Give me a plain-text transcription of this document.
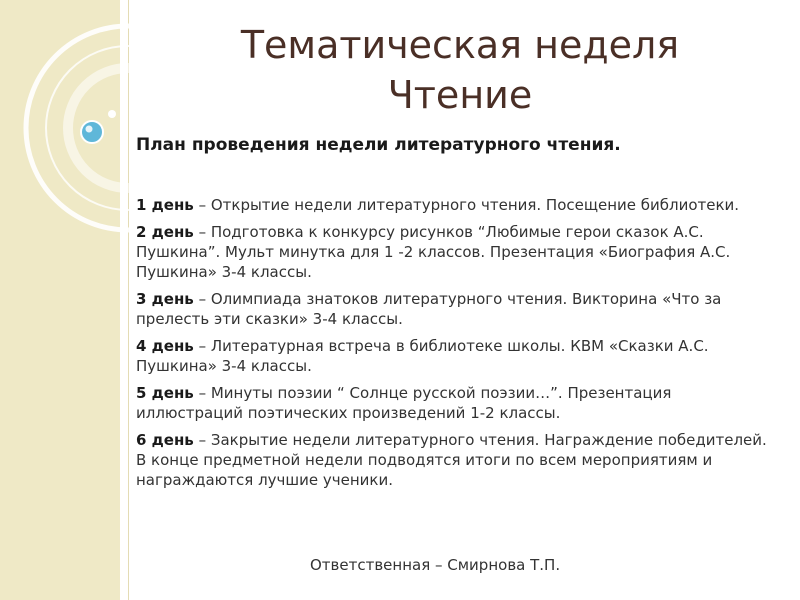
Тематическая неделя
Чтение
План проведения недели литературного чтения.
1 день – Открытие недели литературного чтения. Посещение библиотеки.
2 день – Подготовка к конкурсу рисунков “Любимые герои сказок А.С. Пушкина”. Мульт минутка для 1 -2 классов. Презентация «Биография А.С. Пушкина» 3-4 классы.
3 день – Олимпиада знатоков литературного чтения. Викторина «Что за прелесть эти сказки» 3-4 классы.
4 день – Литературная встреча в библиотеке школы. КВМ «Сказки А.С. Пушкина» 3-4 классы.
5 день – Минуты поэзии “ Солнце русской поэзии…”. Презентация иллюстраций поэтических произведений 1-2 классы.
6 день – Закрытие недели литературного чтения. Награждение победителей. В конце предметной недели подводятся итоги по всем мероприятиям и награждаются лучшие ученики.
Ответственная – Смирнова Т.П.
